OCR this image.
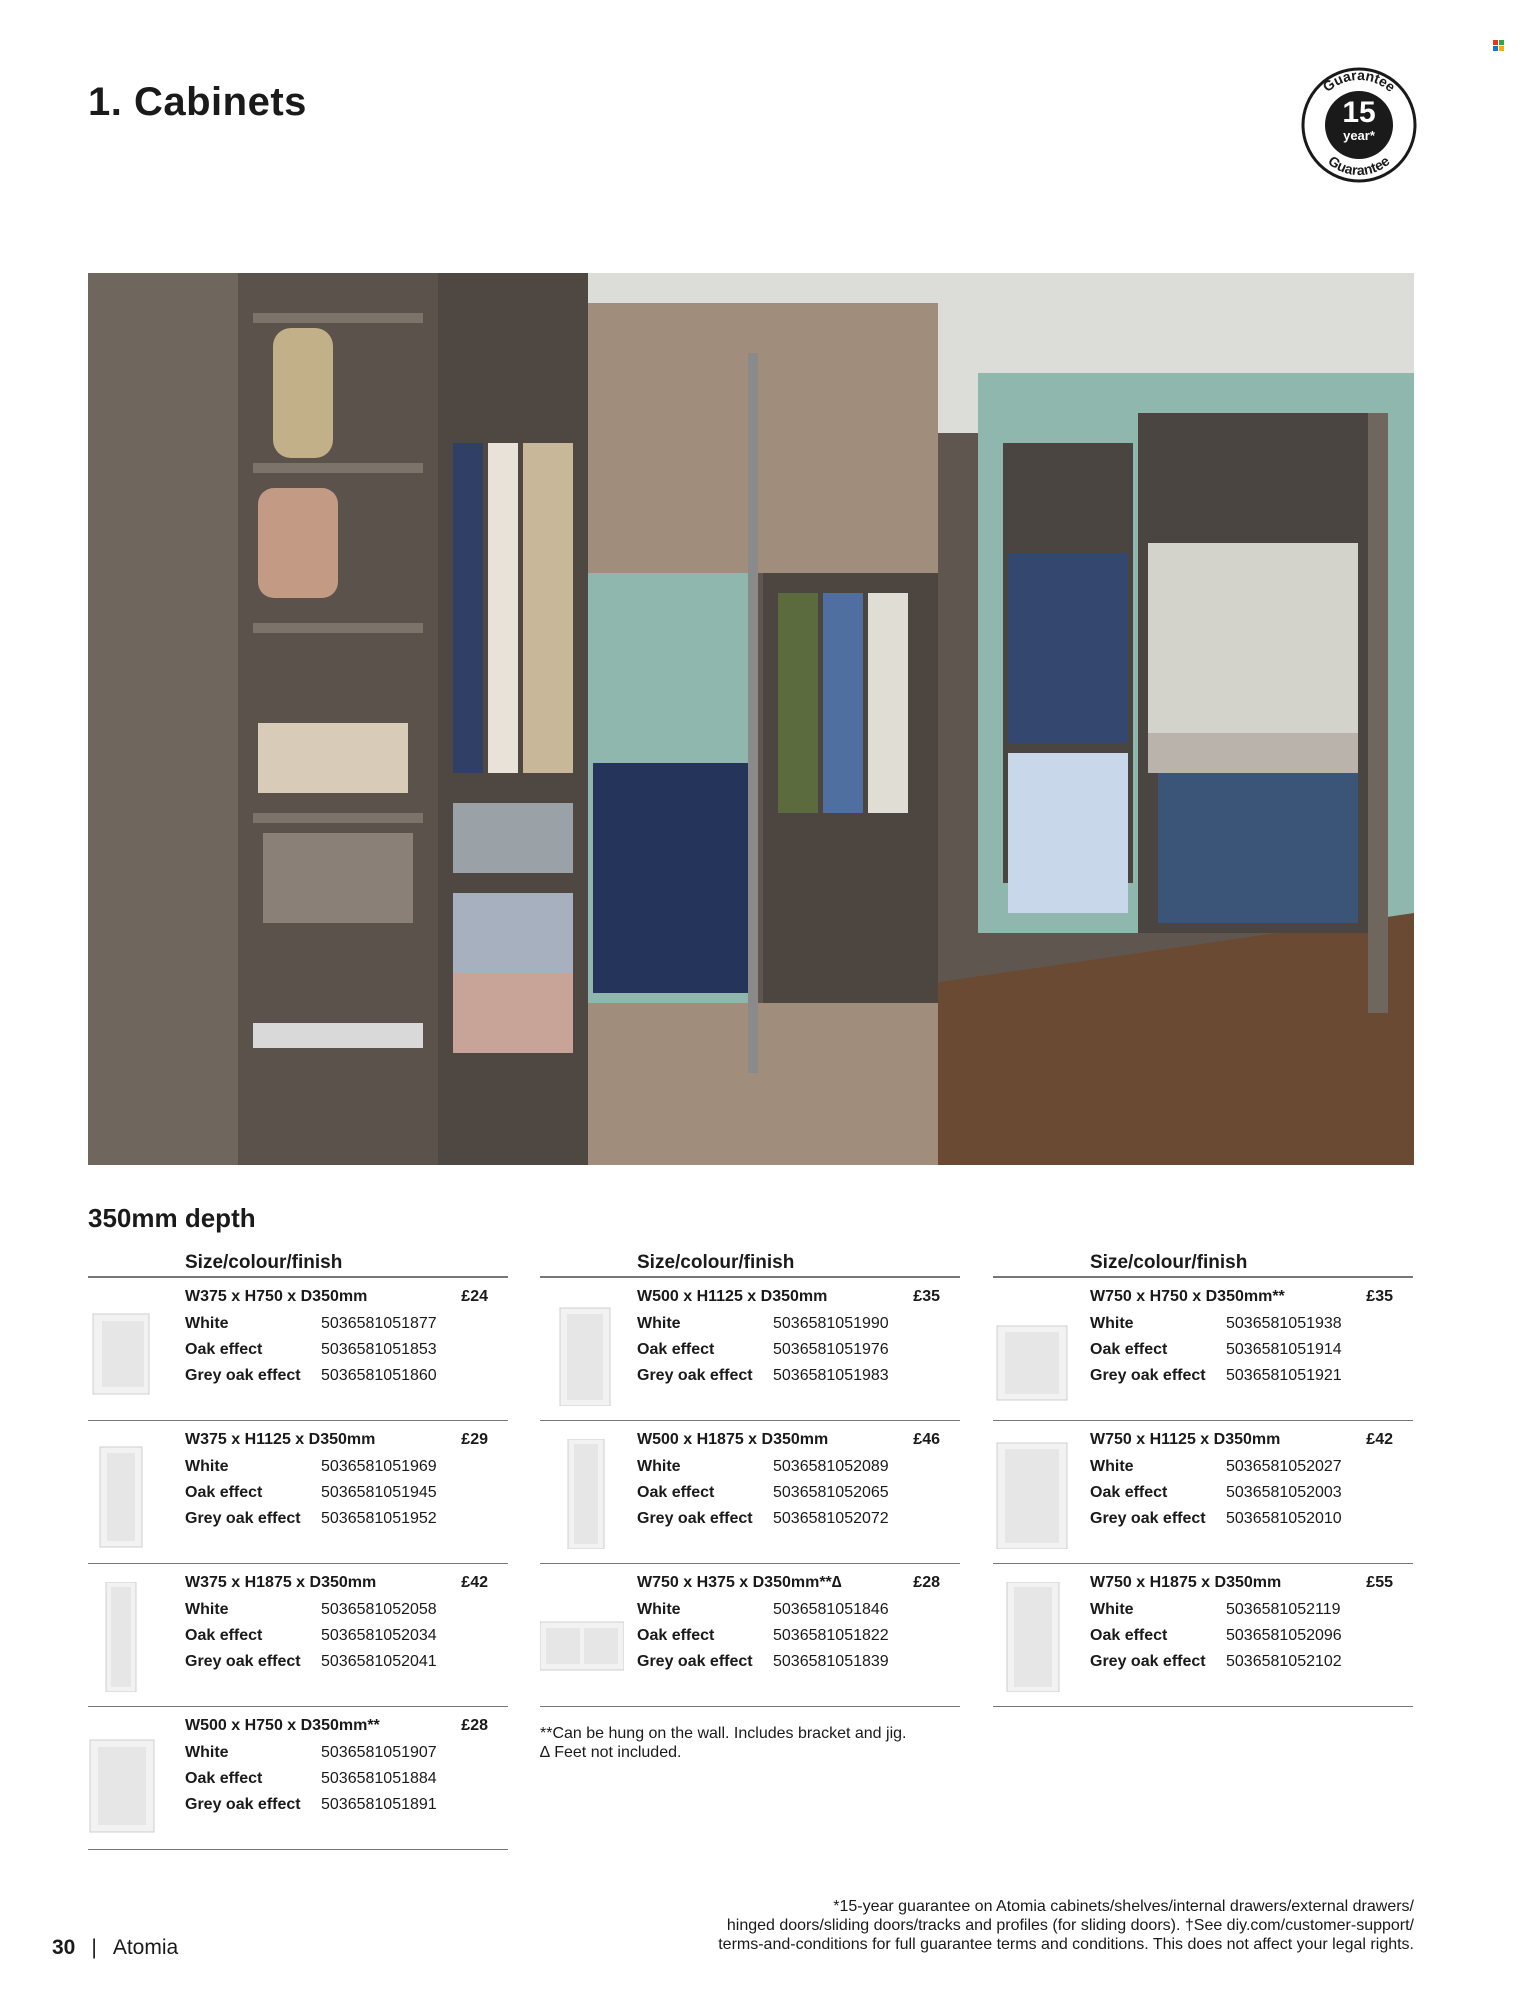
1. Cabinets	Guarantee
Guarantee
15
year*
350mm depth
Size/colour/finish
W375 x H750 x D350mm	£24
White	5036581051877
Oak effect	5036581051853
Grey oak effect 5036581051860
W375 x H1125 x D350mm	£29
White	5036581051969
Oak effect	5036581051945
Grey oak effect 5036581051952
W375 x H1875 x D350mm	£42
White	5036581052058
Oak effect	5036581052034
Grey oak effect 5036581052041
W500 x H750 x D350mm**	£28
White	5036581051907
Oak effect	5036581051884
Grey oak effect 5036581051891
Size/colour/finish
W500 x H1125 x D350mm	£35
White	5036581051990
Oak effect	5036581051976
Grey oak effect 5036581051983
W500 x H1875 x D350mm	£46
White	5036581052089
Oak effect	5036581052065
Grey oak effect 5036581052072
W750 x H375 x D350mm**∆	£28
White	5036581051846
Oak effect	5036581051822
Grey oak effect 5036581051839
Size/colour/finish
W750 x H750 x D350mm**	£35
White	5036581051938
Oak effect	5036581051914
Grey oak effect 5036581051921
W750 x H1125 x D350mm	£42
White	5036581052027
Oak effect	5036581052003
Grey oak effect 5036581052010
W750 x H1875 x D350mm	£55
White	5036581052119
Oak effect	5036581052096
Grey oak effect 5036581052102
**Can be hung on the wall. Includes bracket and jig.
∆ Feet not included.
*15-year guarantee on Atomia cabinets/shelves/internal drawers/external drawers/
hinged doors/sliding doors/tracks and profiles (for sliding doors). †See diy.com/customer-support/
terms-and-conditions for full guarantee terms and conditions. This does not affect your legal rights.
30 | Atomia
